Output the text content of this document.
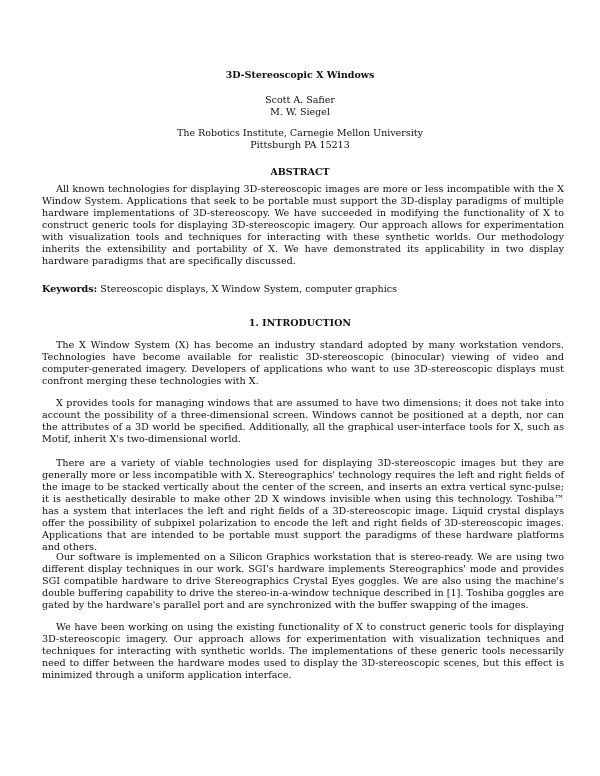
3D-Stereoscopic X Windows
Scott A. Safier
M. W. Siegel
The Robotics Institute, Carnegie Mellon University
Pittsburgh PA 15213
ABSTRACT

All known technologies for displaying 3D-stereoscopic images are more or less incompatible with the X Window System. Applications that seek to be portable must support the 3D-display paradigms of multiple hardware implementations of 3D-stereoscopy. We have succeeded in modifying the functionality of X to construct generic tools for displaying 3D-stereoscopic imagery. Our approach allows for experimentation with visualization tools and techniques for interacting with these synthetic worlds. Our methodology inherits the extensibility and portability of X. We have demonstrated its applicability in two display hardware paradigms that are specifically discussed.

Keywords: Stereoscopic displays, X Window System, computer graphics

1. INTRODUCTION

The X Window System (X) has become an industry standard adopted by many workstation vendors. Technologies have become available for realistic 3D-stereoscopic (binocular) viewing of video and computer-generated imagery. Developers of applications who want to use 3D-stereoscopic displays must confront merging these technologies with X.

X provides tools for managing windows that are assumed to have two dimensions; it does not take into account the possibility of a three-dimensional screen. Windows cannot be positioned at a depth, nor can the attributes of a 3D world be specified. Additionally, all the graphical user-interface tools for X, such as Motif, inherit X's two-dimensional world.

There are a variety of viable technologies used for displaying 3D-stereoscopic images but they are generally more or less incompatible with X. Stereographics' technology requires the left and right fields of the image to be stacked vertically about the center of the screen, and inserts an extra vertical sync-pulse; it is aesthetically desirable to make other 2D X windows invisible when using this technology. Toshiba™ has a system that interlaces the left and right fields of a 3D-stereoscopic image. Liquid crystal displays offer the possibility of subpixel polarization to encode the left and right fields of 3D-stereoscopic images. Applications that are intended to be portable must support the paradigms of these hardware platforms and others.

Our software is implemented on a Silicon Graphics workstation that is stereo-ready. We are using two different display techniques in our work. SGI's hardware implements Stereographics' mode and provides SGI compatible hardware to drive Stereographics Crystal Eyes goggles. We are also using the machine's double buffering capability to drive the stereo-in-a-window technique described in [1]. Toshiba goggles are gated by the hardware's parallel port and are synchronized with the buffer swapping of the images.

We have been working on using the existing functionality of X to construct generic tools for displaying 3D-stereoscopic imagery. Our approach allows for experimentation with visualization techniques and techniques for interacting with synthetic worlds. The implementations of these generic tools necessarily need to differ between the hardware modes used to display the 3D-stereoscopic scenes, but this effect is minimized through a uniform application interface.
